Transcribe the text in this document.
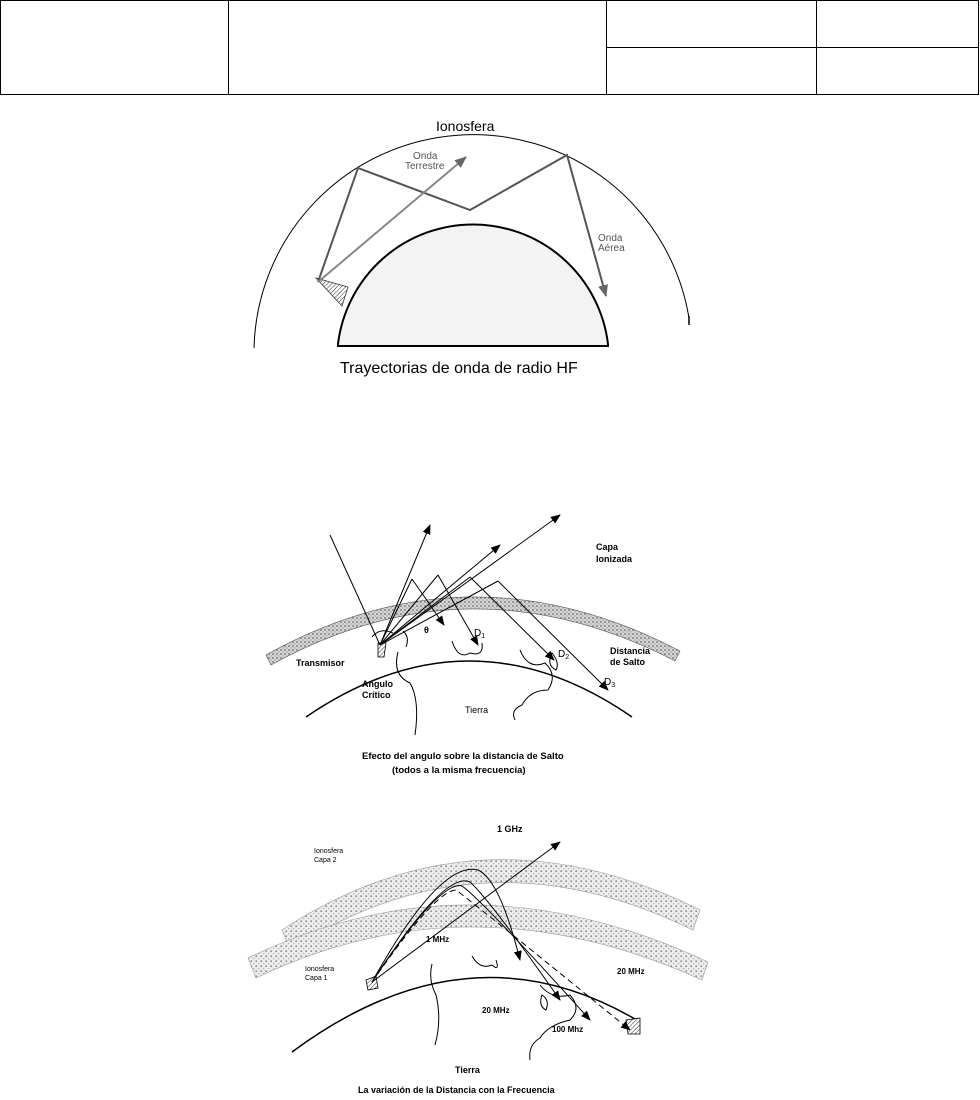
Ionosfera
Onda
Terrestre
Onda
Aérea
Trayectorias de onda de radio HF
Capa
Ionizada
θ	$D_1$
$D_2$
$D_3$
Transmisor
Distancia
de Salto
Angulo
Crítico
Tierra
Efecto del angulo sobre la distancia de Salto
(todos a la misma frecuencia)
1 GHz
Ionosfera
Capa 2
Ionosfera
Capa 1
1 MHz
20 MHz
20 MHz
100 Mhz
Tierra
La variación de la Distancia con la Frecuencia
